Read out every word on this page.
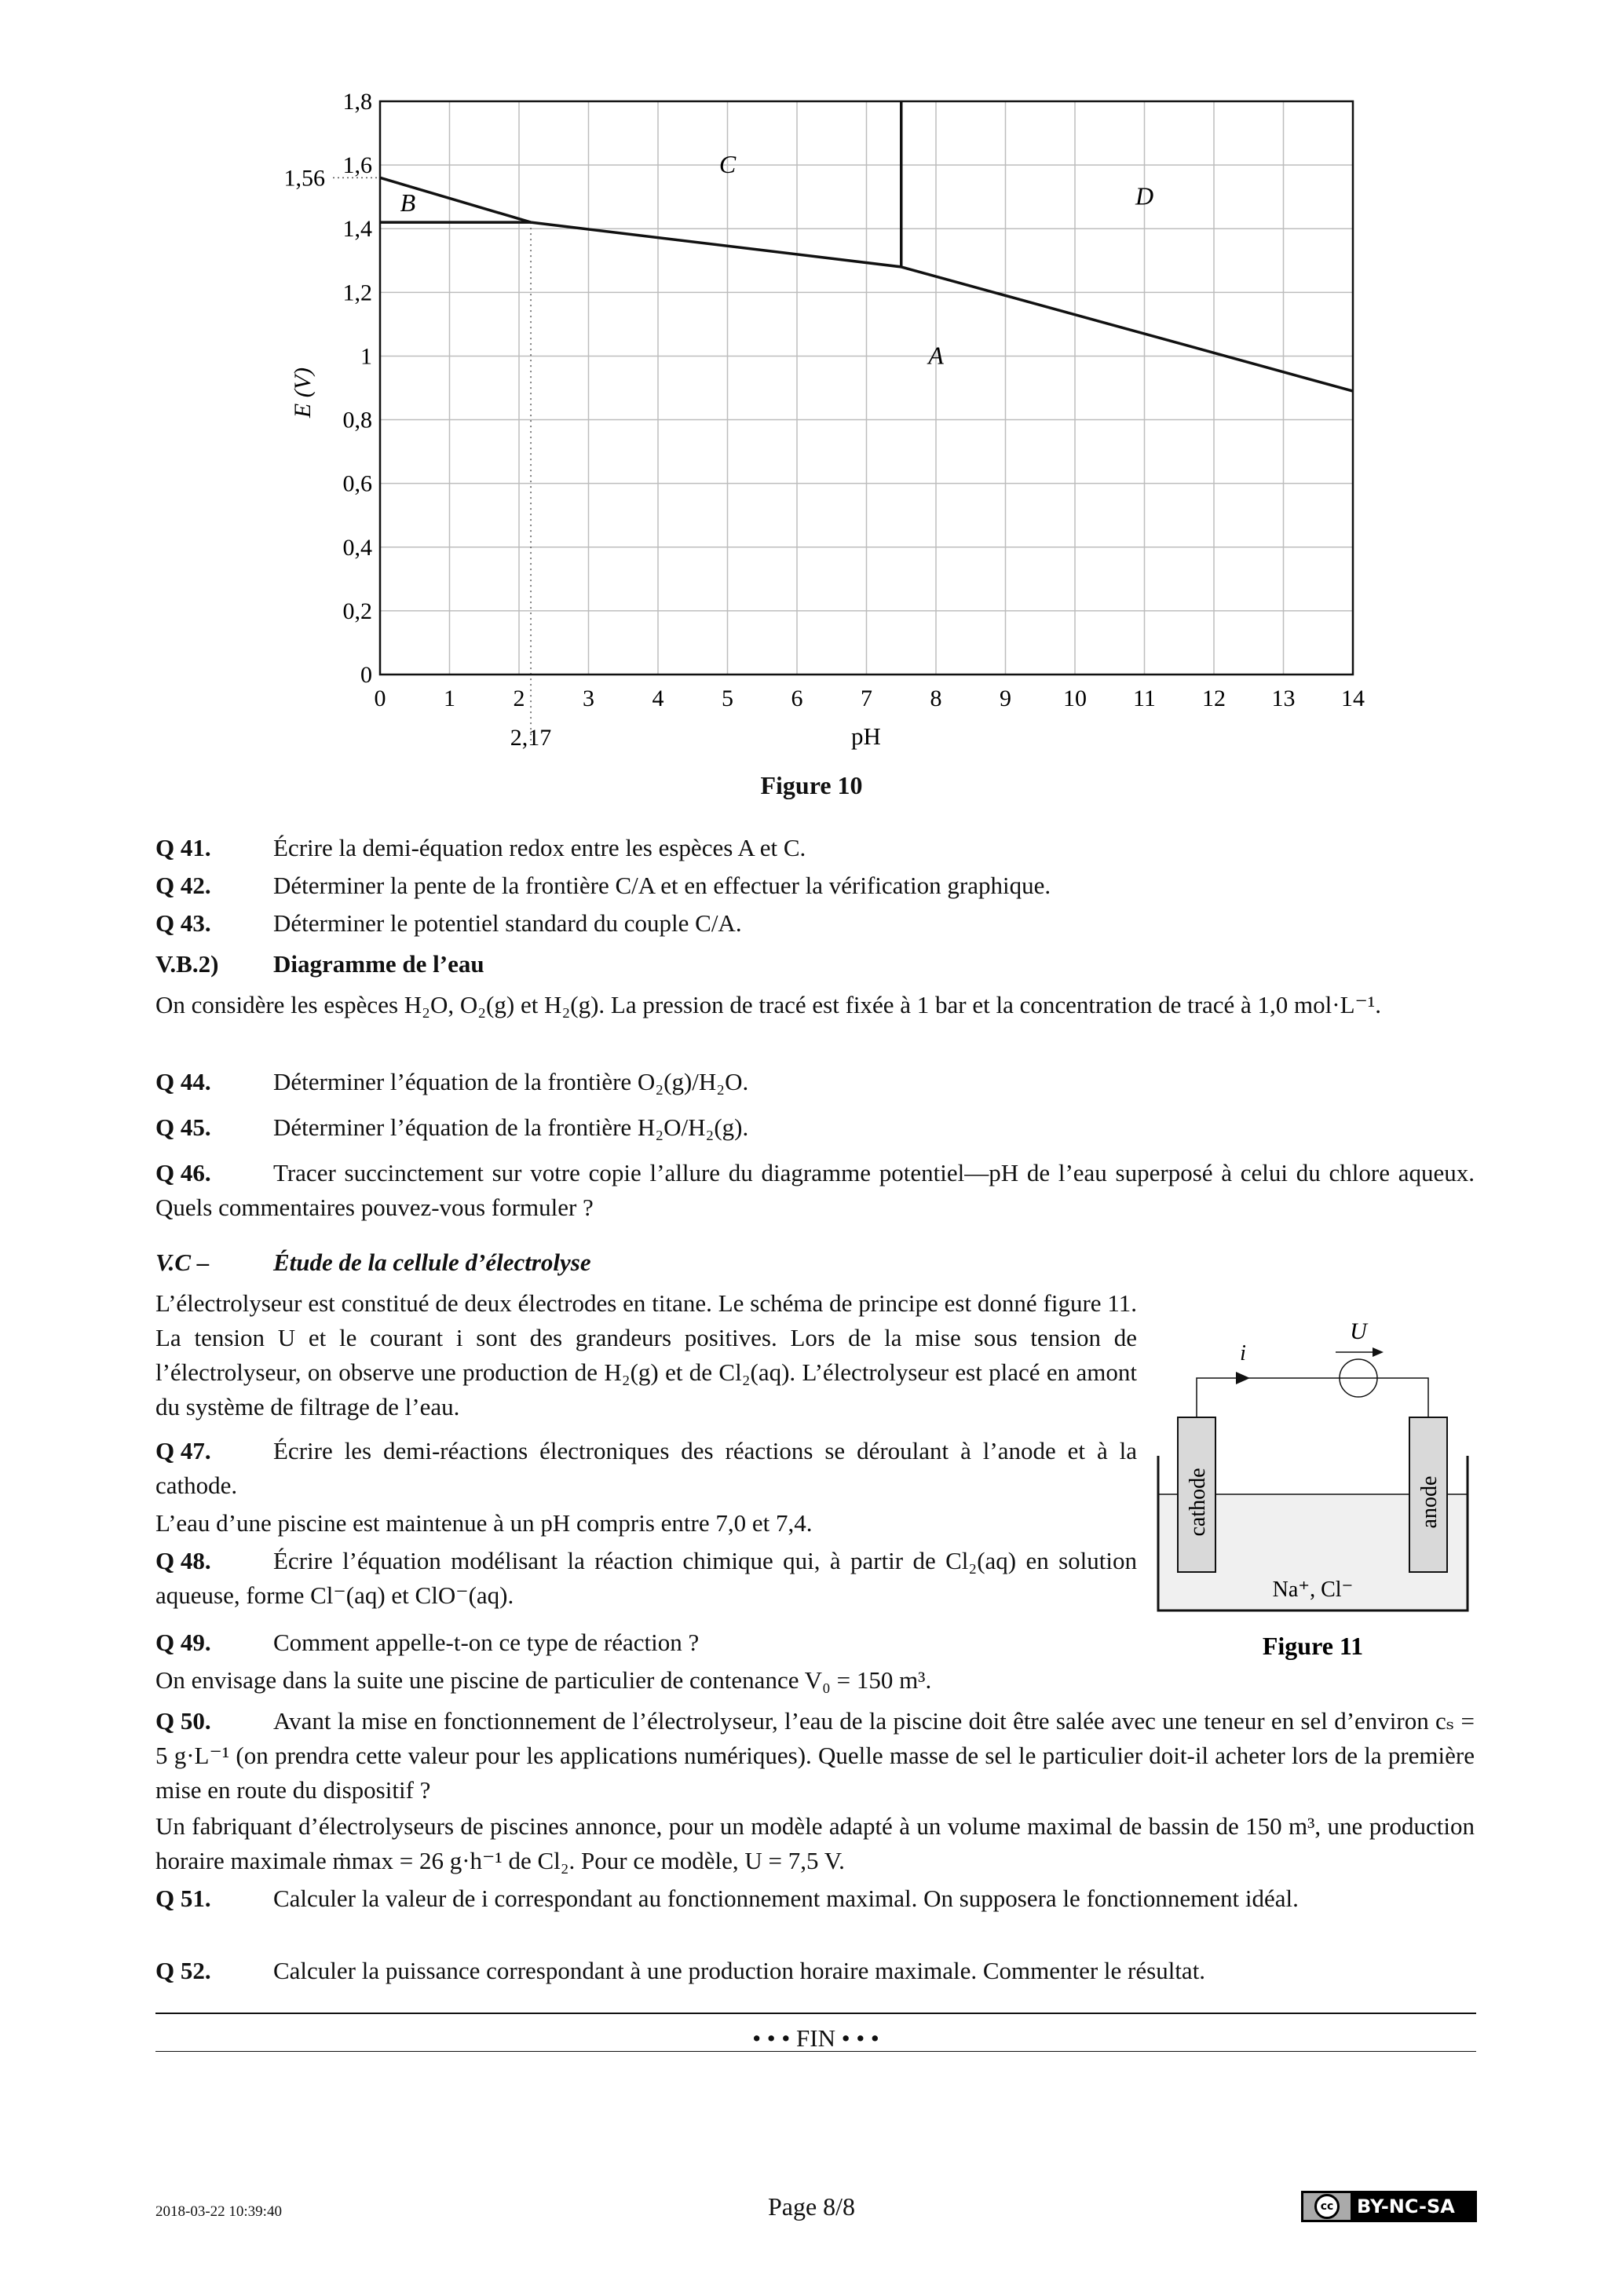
0 1 2 3 4 5 6 7 8 9 10 11 12 13 14
0
0,2
0,4
0,6
0,8
1
1,2
1,4
1,6
1,8
1,56
2,17
A
B
C
D
E (V)
pH
Figure 10
Q 41.	Écrire la demi-équation redox entre les espèces A et C.
Q 42.	Déterminer la pente de la frontière C/A et en effectuer la vérification graphique.
Q 43.	Déterminer le potentiel standard du couple C/A.
V.B.2) Diagramme de l’eau
On considère les espèces H₂O, O₂(g) et H₂(g). La pression de tracé est fixée à 1 bar et la concentration de tracé à 1,0 mol·L⁻¹.
Q 44.	Déterminer l’équation de la frontière O₂(g)/H₂O.
Q 45.	Déterminer l’équation de la frontière H₂O/H₂(g).
Q 46.	Tracer succinctement sur votre copie l’allure du diagramme potentiel—pH de l’eau superposé à celui du chlore aqueux. Quels commentaires pouvez-vous formuler ?
V.C –	Étude de la cellule d’électrolyse
L’électrolyseur est constitué de deux électrodes en titane. Le schéma de principe est donné figure 11. La tension U et le courant i sont des grandeurs positives. Lors de la mise sous tension de l’électrolyseur, on observe une production de H₂(g) et de Cl₂(aq). L’électrolyseur est placé en amont du système de filtrage de l’eau.
Q 47.	Écrire les demi-réactions électroniques des réactions se déroulant à l’anode et à la cathode.
L’eau d’une piscine est maintenue à un pH compris entre 7,0 et 7,4.
Q 48.	Écrire l’équation modélisant la réaction chimique qui, à partir de Cl₂(aq) en solution aqueuse, forme Cl⁻(aq) et ClO⁻(aq).
Q 49.	Comment appelle-t-on ce type de réaction ?
On envisage dans la suite une piscine de particulier de contenance V₀ = 150 m³.
Q 50.	Avant la mise en fonctionnement de l’électrolyseur, l’eau de la piscine doit être salée avec une teneur en sel d’environ cₛ = 5 g·L⁻¹ (on prendra cette valeur pour les applications numériques). Quelle masse de sel le particulier doit-il acheter lors de la première mise en route du dispositif ?
Un fabriquant d’électrolyseurs de piscines annonce, pour un modèle adapté à un volume maximal de bassin de 150 m³, une production horaire maximale ṁmax = 26 g·h⁻¹ de Cl₂. Pour ce modèle, U = 7,5 V.
Q 51.	Calculer la valeur de i correspondant au fonctionnement maximal. On supposera le fonctionnement idéal.
Q 52.	Calculer la puissance correspondant à une production horaire maximale. Commenter le résultat.
i
U
cathode	anode
Na⁺, Cl⁻
Figure 11
• • • FIN • • •
2018-03-22 10:39:40	Page 8/8	cc	BY-NC-SA
